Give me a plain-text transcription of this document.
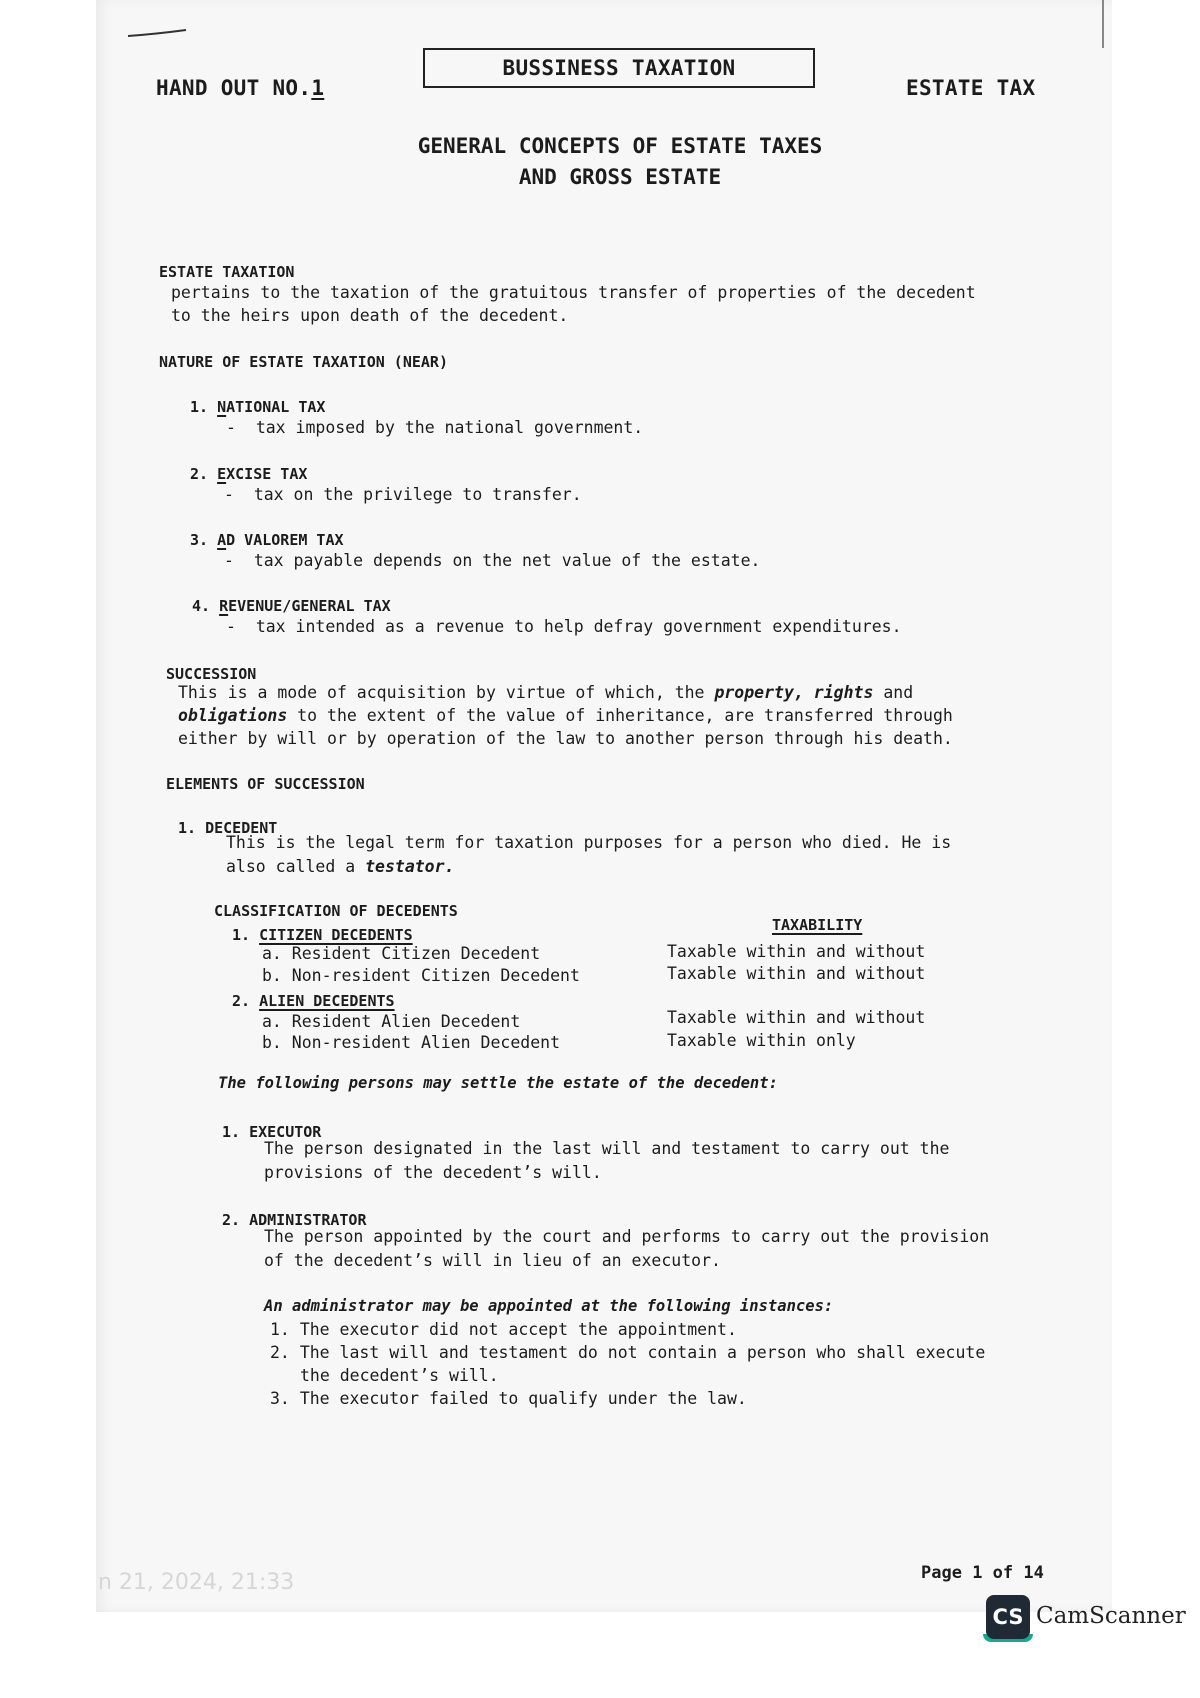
HAND OUT NO.1
BUSSINESS TAXATION
ESTATE TAX
GENERAL CONCEPTS OF ESTATE TAXES
AND GROSS ESTATE
ESTATE TAXATION
pertains to the taxation of the gratuitous transfer of properties of the decedent
to the heirs upon death of the decedent.
NATURE OF ESTATE TAXATION (NEAR)
1. NATIONAL TAX
- tax imposed by the national government.
2. EXCISE TAX
- tax on the privilege to transfer.
3. AD VALOREM TAX
- tax payable depends on the net value of the estate.
4. REVENUE/GENERAL TAX
- tax intended as a revenue to help defray government expenditures.
SUCCESSION
This is a mode of acquisition by virtue of which, the property, rights and
obligations to the extent of the value of inheritance, are transferred through
either by will or by operation of the law to another person through his death.
ELEMENTS OF SUCCESSION
1. DECEDENT
This is the legal term for taxation purposes for a person who died. He is
also called a testator.
CLASSIFICATION OF DECEDENTS
TAXABILITY
1. CITIZEN DECEDENTS
a. Resident Citizen Decedent	Taxable within and without
b. Non-resident Citizen Decedent	Taxable within and without
2. ALIEN DECEDENTS
a. Resident Alien Decedent	Taxable within and without
b. Non-resident Alien Decedent	Taxable within only
The following persons may settle the estate of the decedent:
1. EXECUTOR
The person designated in the last will and testament to carry out the
provisions of the decedent’s will.
2. ADMINISTRATOR
The person appointed by the court and performs to carry out the provision
of the decedent’s will in lieu of an executor.
An administrator may be appointed at the following instances:
1. The executor did not accept the appointment.
2. The last will and testament do not contain a person who shall execute
the decedent’s will.
3. The executor failed to qualify under the law.
n 21, 2024, 21:33	Page 1 of 14
CS CamScanner
